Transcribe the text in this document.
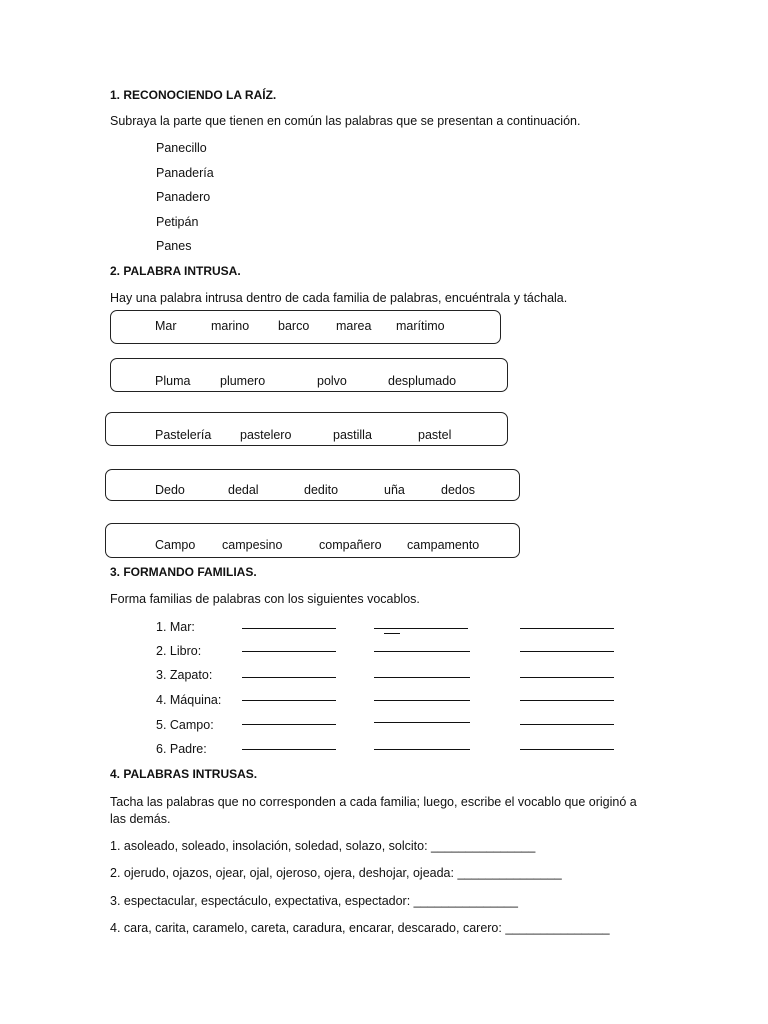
1. RECONOCIENDO LA RAÍZ.
Subraya la parte que tienen en común las palabras que se presentan a continuación.
Panecillo
Panadería
Panadero
Petipán
Panes
2. PALABRA INTRUSA.
Hay una palabra intrusa dentro de cada familia de palabras, encuéntrala y táchala.
Mar	marino barco marea marítimo
Pluma plumero	polvo	desplumado
Pastelería pastelero	pastilla	pastel
Dedo	dedal	dedito	uña	dedos
Campo campesino	compañero campamento
3. FORMANDO FAMILIAS.
Forma familias de palabras con los siguientes vocablos.
1. Mar:
2. Libro:
3. Zapato:
4. Máquina:
5. Campo:
6. Padre:
4. PALABRAS INTRUSAS.
Tacha las palabras que no corresponden a cada familia; luego, escribe el vocablo que originó a las demás.
1. asoleado, soleado, insolación, soledad, solazo, solcito: _______________
2. ojerudo, ojazos, ojear, ojal, ojeroso, ojera, deshojar, ojeada: _______________
3. espectacular, espectáculo, expectativa, espectador: _______________
4. cara, carita, caramelo, careta, caradura, encarar, descarado, carero: _______________
